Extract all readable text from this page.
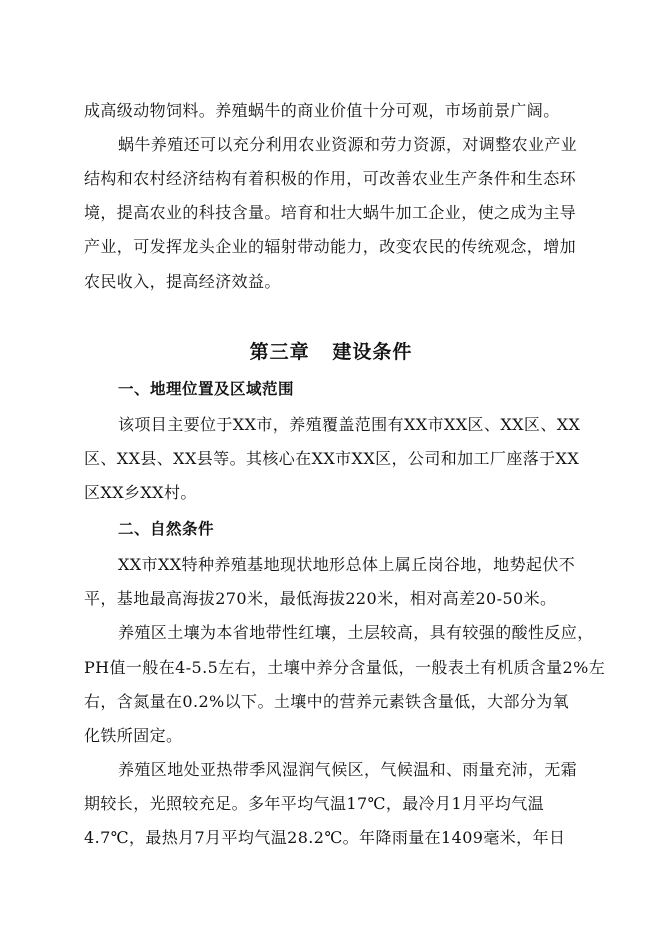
成高级动物饲料。养殖蜗牛的商业价值十分可观，市场前景广阔。
蜗牛养殖还可以充分利用农业资源和劳力资源，对调整农业产业
结构和农村经济结构有着积极的作用，可改善农业生产条件和生态环
境，提高农业的科技含量。培育和壮大蜗牛加工企业，使之成为主导
产业，可发挥龙头企业的辐射带动能力，改变农民的传统观念，增加
农民收入，提高经济效益。
第三章   建设条件
一、地理位置及区域范围
该项目主要位于XX市，养殖覆盖范围有XX市XX区、XX区、XX
区、XX县、XX县等。其核心在XX市XX区，公司和加工厂座落于XX
区XX乡XX村。
二、自然条件
XX市XX特种养殖基地现状地形总体上属丘岗谷地，地势起伏不
平，基地最高海拔270米，最低海拔220米，相对高差20-50米。
养殖区土壤为本省地带性红壤，土层较高，具有较强的酸性反应，
PH值一般在4-5.5左右，土壤中养分含量低，一般表土有机质含量2%左
右，含氮量在0.2%以下。土壤中的营养元素铁含量低，大部分为氧
化铁所固定。
养殖区地处亚热带季风湿润气候区，气候温和、雨量充沛，无霜
期较长，光照较充足。多年平均气温17℃，最冷月1月平均气温
4.7℃，最热月7月平均气温28.2℃。年降雨量在1409毫米，年日
